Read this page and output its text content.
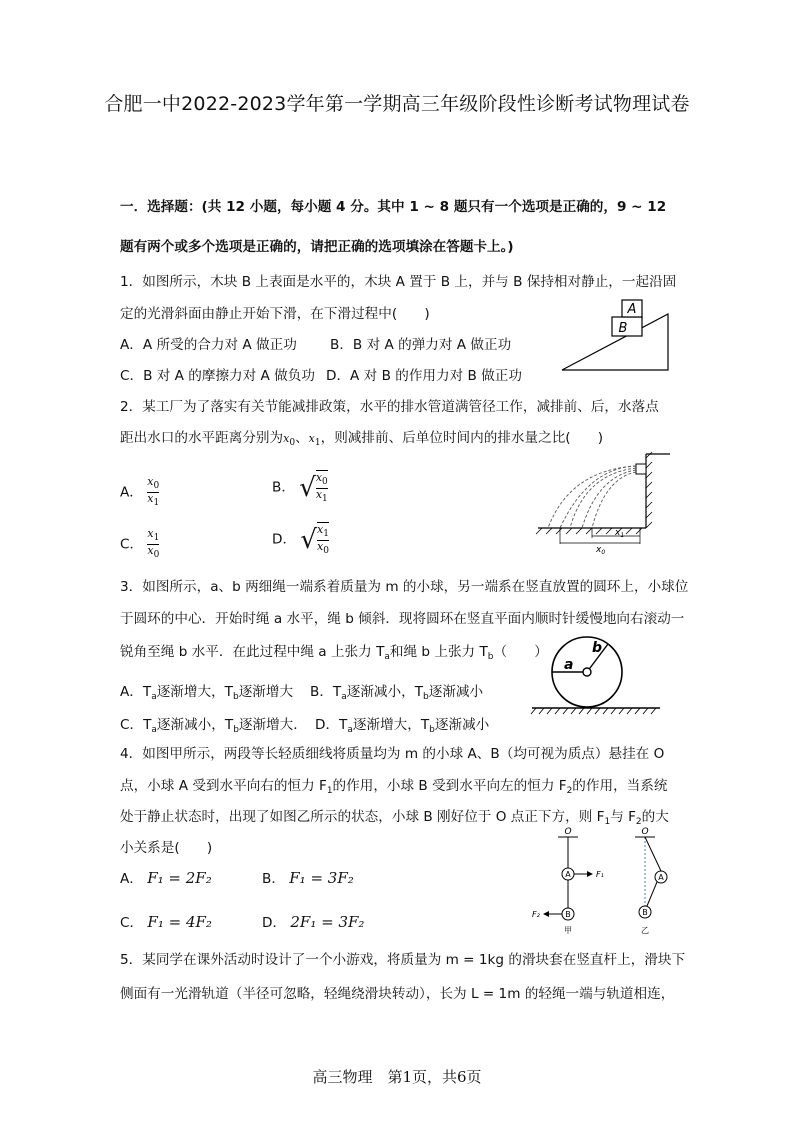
合肥一中2022-2023学年第一学期高三年级阶段性诊断考试物理试卷
一．选择题：(共 12 小题，每小题 4 分。其中 1 ~ 8 题只有一个选项是正确的，9 ~ 12
题有两个或多个选项是正确的，请把正确的选项填涂在答题卡上。)
1．如图所示，木块 B 上表面是水平的，木块 A 置于 B 上，并与 B 保持相对静止，一起沿固
定的光滑斜面由静止开始下滑，在下滑过程中(　　)
A．A 所受的合力对 A 做正功 B．B 对 A 的弹力对 A 做正功
C．B 对 A 的摩擦力对 A 做负功 D．A 对 B 的作用力对 B 做正功
A
B
2．某工厂为了落实有关节能减排政策，水平的排水管道满管径工作，减排前、后，水落点
距出水口的水平距离分别为$x_0$、$x_1$，则减排前、后单位时间内的排水量之比(　　)
A． $\frac{x_0}{x_1}$	B． √ $\frac{x_0}{x_1}$
C． $\frac{x_1}{x_0}$	D． √ $\frac{x_1}{x_0}$	$x_1$
$x_0$
3．如图所示，a、b 两细绳一端系着质量为 m 的小球，另一端系在竖直放置的圆环上，小球位
于圆环的中心．开始时绳 a 水平，绳 b 倾斜．现将圆环在竖直平面内顺时针缓慢地向右滚动一
锐角至绳 b 水平．在此过程中绳 a 上张力 $T_a$和绳 b 上张力 $T_b$（　　）
A．$T_a$逐渐增大，$T_b$逐渐增大 B．$T_a$逐渐减小，$T_b$逐渐减小
C．$T_a$逐渐减小，$T_b$逐渐增大． D．$T_a$逐渐增大，$T_b$逐渐减小
a
b
4．如图甲所示，两段等长轻质细线将质量均为 m 的小球 A、B（均可视为质点）悬挂在 O
点，小球 A 受到水平向右的恒力 $F_1$的作用，小球 B 受到水平向左的恒力 $F_2$的作用，当系统
处于静止状态时，出现了如图乙所示的状态，小球 B 刚好位于 O 点正下方，则 $F_1$与 $F_2$的大
小关系是(　　)
A． F₁ = 2F₂	B． F₁ = 3F₂
C． F₁ = 4F₂	D． 2F₁ = 3F₂
O
A	F₁
B
F₂
甲
O
A
B
乙
5．某同学在课外活动时设计了一个小游戏，将质量为 m = 1kg 的滑块套在竖直杆上，滑块下
侧面有一光滑轨道（半径可忽略，轻绳绕滑块转动），长为 L = 1m 的轻绳一端与轨道相连，
高三物理　第1页，共6页
